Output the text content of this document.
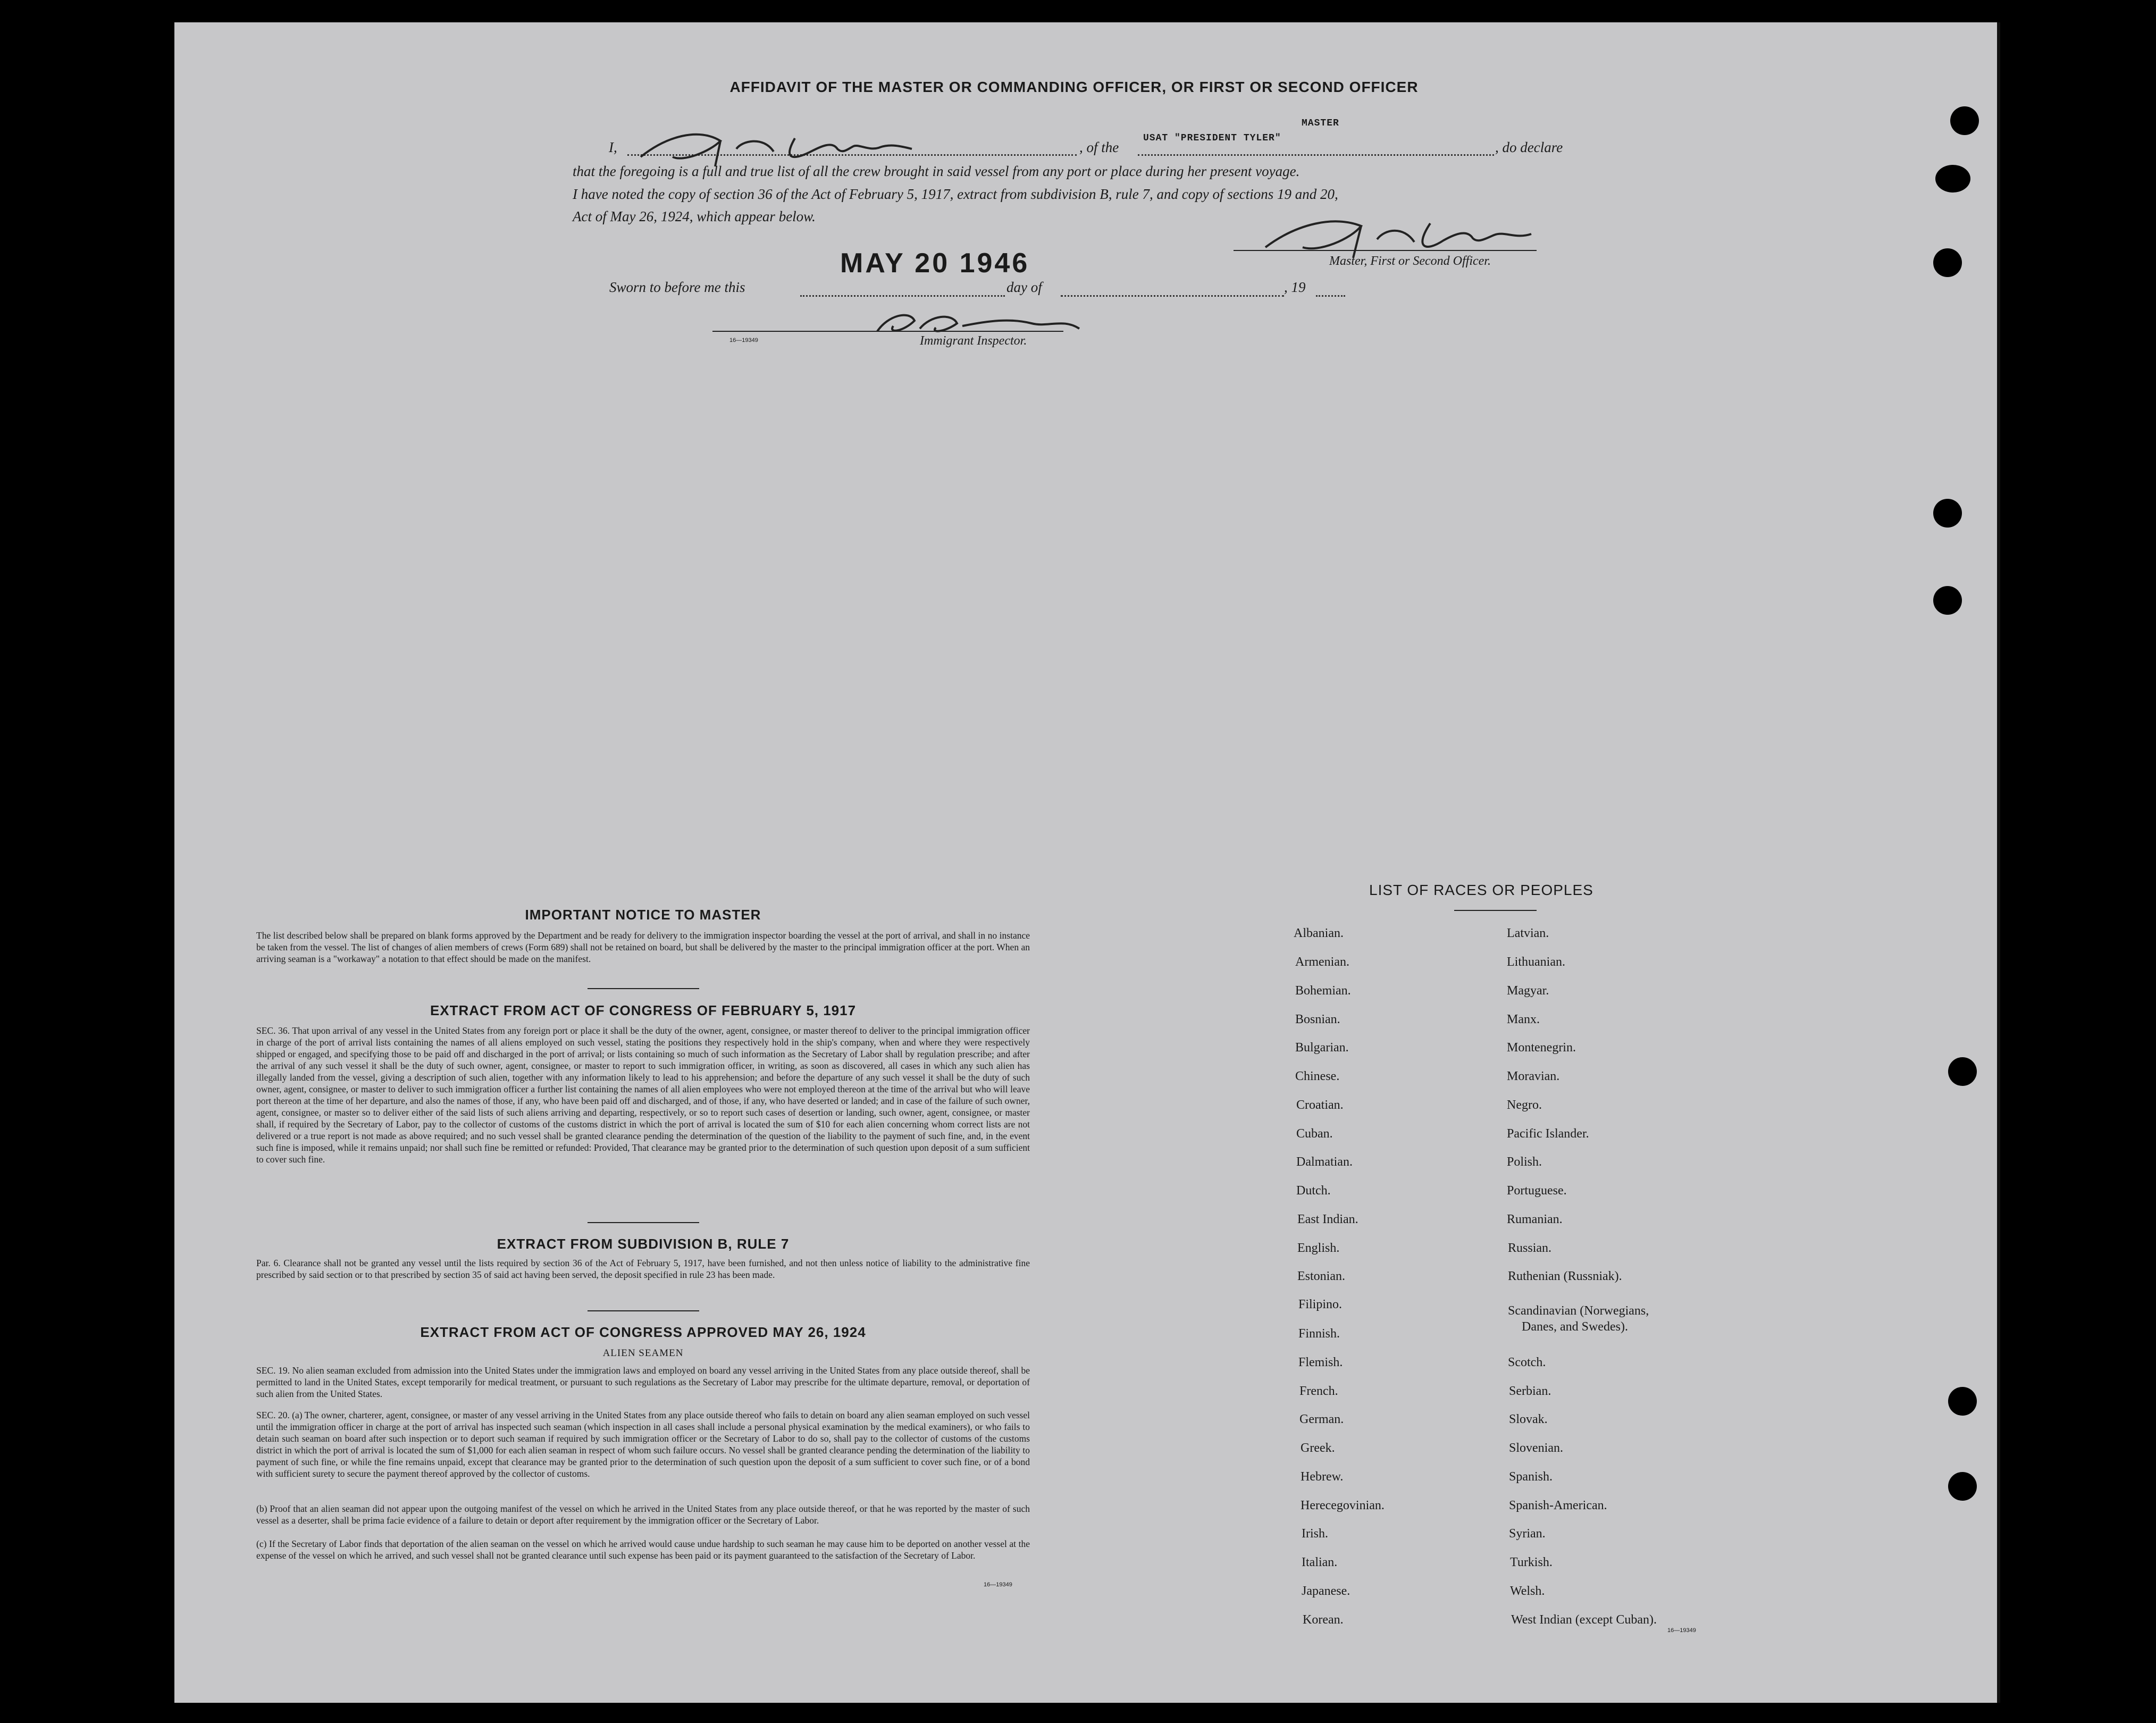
AFFIDAVIT OF THE MASTER OR COMMANDING OFFICER, OR FIRST OR SECOND OFFICER
I,	, of the
MASTER
USAT "PRESIDENT TYLER"
, do declare
that the foregoing is a full and true list of all the crew brought in said vessel from any port or place during her present voyage.
I have noted the copy of section 36 of the Act of February 5, 1917, extract from subdivision B, rule 7, and copy of sections 19 and 20,
Act of May 26, 1924, which appear below.
Master, First or Second Officer.
MAY 20 1946
Sworn to before me this	day of	, 19
16—19349	Immigrant Inspector.
IMPORTANT NOTICE TO MASTER
The list described below shall be prepared on blank forms approved by the Department and be ready for delivery to the immigration inspector boarding the vessel at the port of arrival, and shall in no instance be taken from the vessel. The list of changes of alien members of crews (Form 689) shall not be retained on board, but shall be delivered by the master to the principal immigration officer at the port. When an arriving seaman is a "workaway" a notation to that effect should be made on the manifest.
EXTRACT FROM ACT OF CONGRESS OF FEBRUARY 5, 1917
SEC. 36. That upon arrival of any vessel in the United States from any foreign port or place it shall be the duty of the owner, agent, consignee, or master thereof to deliver to the principal immigration officer in charge of the port of arrival lists containing the names of all aliens employed on such vessel, stating the positions they respectively hold in the ship's company, when and where they were respectively shipped or engaged, and specifying those to be paid off and discharged in the port of arrival; or lists containing so much of such information as the Secretary of Labor shall by regulation prescribe; and after the arrival of any such vessel it shall be the duty of such owner, agent, consignee, or master to report to such immigration officer, in writing, as soon as discovered, all cases in which any such alien has illegally landed from the vessel, giving a description of such alien, together with any information likely to lead to his apprehension; and before the departure of any such vessel it shall be the duty of such owner, agent, consignee, or master to deliver to such immigration officer a further list containing the names of all alien employees who were not employed thereon at the time of the arrival but who will leave port thereon at the time of her departure, and also the names of those, if any, who have been paid off and discharged, and of those, if any, who have deserted or landed; and in case of the failure of such owner, agent, consignee, or master so to deliver either of the said lists of such aliens arriving and departing, respectively, or so to report such cases of desertion or landing, such owner, agent, consignee, or master shall, if required by the Secretary of Labor, pay to the collector of customs of the customs district in which the port of arrival is located the sum of $10 for each alien concerning whom correct lists are not delivered or a true report is not made as above required; and no such vessel shall be granted clearance pending the determination of the question of the liability to the payment of such fine, and, in the event such fine is imposed, while it remains unpaid; nor shall such fine be remitted or refunded: Provided, That clearance may be granted prior to the determination of such question upon deposit of a sum sufficient to cover such fine.
EXTRACT FROM SUBDIVISION B, RULE 7
Par. 6. Clearance shall not be granted any vessel until the lists required by section 36 of the Act of February 5, 1917, have been furnished, and not then unless notice of liability to the administrative fine prescribed by said section or to that prescribed by section 35 of said act having been served, the deposit specified in rule 23 has been made.
EXTRACT FROM ACT OF CONGRESS APPROVED MAY 26, 1924
ALIEN SEAMEN
SEC. 19. No alien seaman excluded from admission into the United States under the immigration laws and employed on board any vessel arriving in the United States from any place outside thereof, shall be permitted to land in the United States, except temporarily for medical treatment, or pursuant to such regulations as the Secretary of Labor may prescribe for the ultimate departure, removal, or deportation of such alien from the United States.
SEC. 20. (a) The owner, charterer, agent, consignee, or master of any vessel arriving in the United States from any place outside thereof who fails to detain on board any alien seaman employed on such vessel until the immigration officer in charge at the port of arrival has inspected such seaman (which inspection in all cases shall include a personal physical examination by the medical examiners), or who fails to detain such seaman on board after such inspection or to deport such seaman if required by such immigration officer or the Secretary of Labor to do so, shall pay to the collector of customs of the customs district in which the port of arrival is located the sum of $1,000 for each alien seaman in respect of whom such failure occurs. No vessel shall be granted clearance pending the determination of the liability to payment of such fine, or while the fine remains unpaid, except that clearance may be granted prior to the determination of such question upon the deposit of a sum sufficient to cover such fine, or of a bond with sufficient surety to secure the payment thereof approved by the collector of customs.
(b) Proof that an alien seaman did not appear upon the outgoing manifest of the vessel on which he arrived in the United States from any place outside thereof, or that he was reported by the master of such vessel as a deserter, shall be prima facie evidence of a failure to detain or deport after requirement by the immigration officer or the Secretary of Labor.
(c) If the Secretary of Labor finds that deportation of the alien seaman on the vessel on which he arrived would cause undue hardship to such seaman he may cause him to be deported on another vessel at the expense of the vessel on which he arrived, and such vessel shall not be granted clearance until such expense has been paid or its payment guaranteed to the satisfaction of the Secretary of Labor.
16—19349
LIST OF RACES OR PEOPLES
Albanian.
Armenian.
Bohemian.
Bosnian.
Bulgarian.
Chinese.
Croatian.
Cuban.
Dalmatian.
Dutch.
East Indian.
English.
Estonian.
Filipino.
Finnish.
Flemish.
French.
German.
Greek.
Hebrew.
Herecegovinian.
Irish.
Italian.
Japanese.
Korean.
Latvian.
Lithuanian.
Magyar.
Manx.
Montenegrin.
Moravian.
Negro.
Pacific Islander.
Polish.
Portuguese.
Rumanian.
Russian.
Ruthenian (Russniak).
Scandinavian (Norwegians,
Danes, and Swedes).
Scotch.
Serbian.
Slovak.
Slovenian.
Spanish.
Spanish-American.
Syrian.
Turkish.
Welsh.
West Indian (except Cuban).
16—19349
